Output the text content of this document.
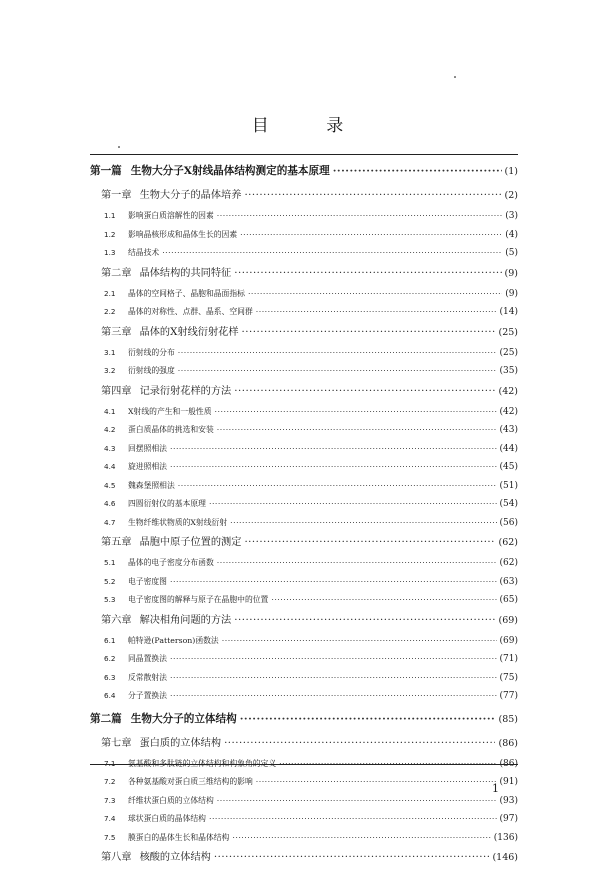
目 录
第一篇 生物大分子X射线晶体结构测定的基本原理 ·····	(1)
第一章 生物大分子的晶体培养 ·····	(2)
1.1	影响蛋白质溶解性的因素 ·····	(3)
1.2	影响晶核形成和晶体生长的因素 ·····	(4)
1.3	结晶技术 ·····	(5)
第二章 晶体结构的共同特征 ·····	(9)
2.1	晶体的空间格子、晶胞和晶面指标 ·····	(9)
2.2	晶体的对称性、点群、晶系、空间群 ·····	(14)
第三章 晶体的X射线衍射花样 ·····	(25)
3.1	衍射线的分布 ·····	(25)
3.2	衍射线的强度 ·····	(35)
第四章 记录衍射花样的方法 ·····	(42)
4.1	X射线的产生和一般性质 ·····	(42)
4.2	蛋白质晶体的挑选和安装 ·····	(43)
4.3	回摆照相法 ·····	(44)
4.4	旋进照相法 ·····	(45)
4.5	魏森堡照相法 ·····	(51)
4.6	四圆衍射仪的基本原理 ·····	(54)
4.7	生物纤维状物质的X射线衍射 ·····	(56)
第五章 晶胞中原子位置的测定 ·····	(62)
5.1	晶体的电子密度分布函数 ·····	(62)
5.2	电子密度图 ·····	(63)
5.3	电子密度图的解释与原子在晶胞中的位置 ·····	(65)
第六章 解决相角问题的方法 ·····	(69)
6.1	帕特逊(Patterson)函数法 ·····	(69)
6.2	同晶置换法 ·····	(71)
6.3	反常散射法 ·····	(75)
6.4	分子置换法 ·····	(77)
第二篇 生物大分子的立体结构 ·····	(85)
第七章 蛋白质的立体结构 ·····	(86)
7.1	氨基酸和多肽链的立体结构和构象角的定义 ·····	(86)
7.2	各种氨基酸对蛋白质三维结构的影响 ·····	(91)
7.3	纤维状蛋白质的立体结构 ·····	(93)
7.4	球状蛋白质的晶体结构 ·····	(97)
7.5	膜蛋白的晶体生长和晶体结构 ·····	(136)
第八章 核酸的立体结构 ·····	(146)
1
